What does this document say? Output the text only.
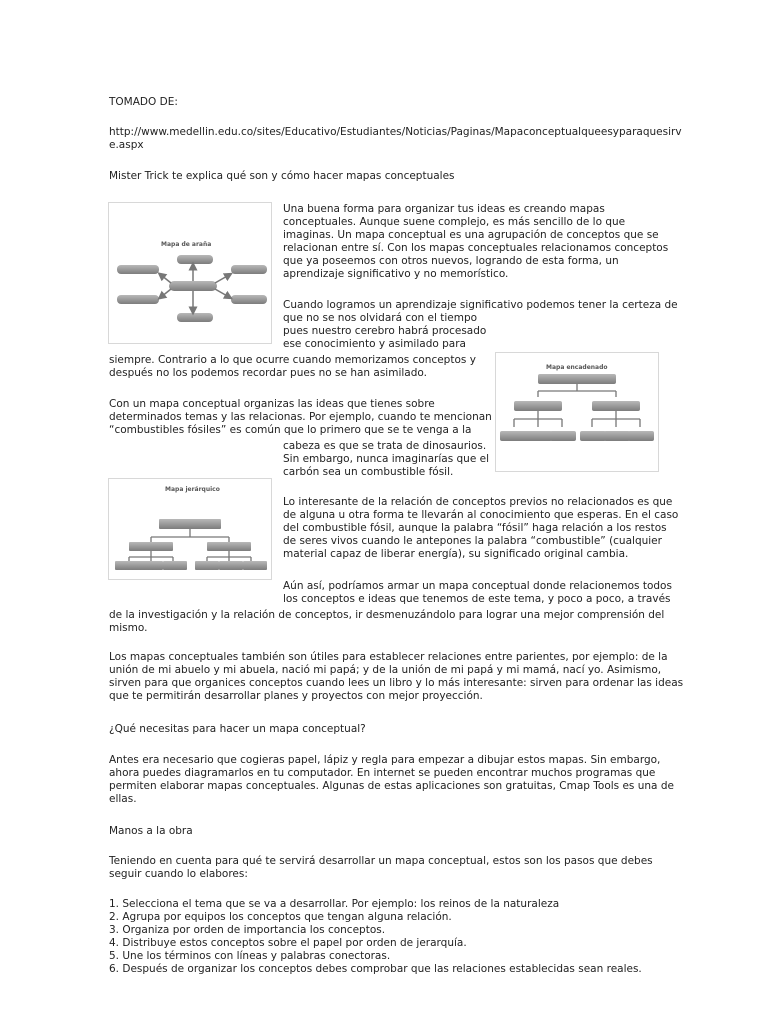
TOMADO DE:

http://www.medellin.edu.co/sites/Educativo/Estudiantes/Noticias/Paginas/Mapaconceptualqueesyparaquesirv

e.aspx

Mister Trick te explica qué son y cómo hacer mapas conceptuales

Mapa de araña

Una buena forma para organizar tus ideas es creando mapas

conceptuales. Aunque suene complejo, es más sencillo de lo que

imaginas. Un mapa conceptual es una agrupación de conceptos que se

relacionan entre sí. Con los mapas conceptuales relacionamos conceptos

que ya poseemos con otros nuevos, logrando de esta forma, un

aprendizaje significativo y no memorístico.

Cuando logramos un aprendizaje significativo podemos tener la certeza de

que no se nos olvidará con el tiempo

pues nuestro cerebro habrá procesado

ese conocimiento y asimilado para

siempre. Contrario a lo que ocurre cuando memorizamos conceptos y

después no los podemos recordar pues no se han asimilado.	Mapa encadenado

Con un mapa conceptual organizas las ideas que tienes sobre

determinados temas y las relacionas. Por ejemplo, cuando te mencionan

“combustibles fósiles” es común que lo primero que se te venga a la

cabeza es que se trata de dinosaurios.

Sin embargo, nunca imaginarías que el

carbón sea un combustible fósil.

Mapa jerárquico

Lo interesante de la relación de conceptos previos no relacionados es que

de alguna u otra forma te llevarán al conocimiento que esperas. En el caso

del combustible fósil, aunque la palabra “fósil” haga relación a los restos

de seres vivos cuando le antepones la palabra “combustible” (cualquier

material capaz de liberar energía), su significado original cambia.

Aún así, podríamos armar un mapa conceptual donde relacionemos todos

los conceptos e ideas que tenemos de este tema, y poco a poco, a través

de la investigación y la relación de conceptos, ir desmenuzándolo para lograr una mejor comprensión del

mismo.

Los mapas conceptuales también son útiles para establecer relaciones entre parientes, por ejemplo: de la

unión de mi abuelo y mi abuela, nació mi papá; y de la unión de mi papá y mi mamá, nací yo. Asimismo,

sirven para que organices conceptos cuando lees un libro y lo más interesante: sirven para ordenar las ideas

que te permitirán desarrollar planes y proyectos con mejor proyección.

¿Qué necesitas para hacer un mapa conceptual?

Antes era necesario que cogieras papel, lápiz y regla para empezar a dibujar estos mapas. Sin embargo,

ahora puedes diagramarlos en tu computador. En internet se pueden encontrar muchos programas que

permiten elaborar mapas conceptuales. Algunas de estas aplicaciones son gratuitas, Cmap Tools es una de

ellas.

Manos a la obra

Teniendo en cuenta para qué te servirá desarrollar un mapa conceptual, estos son los pasos que debes

seguir cuando lo elabores:

1. Selecciona el tema que se va a desarrollar. Por ejemplo: los reinos de la naturaleza

2. Agrupa por equipos los conceptos que tengan alguna relación.

3. Organiza por orden de importancia los conceptos.

4. Distribuye estos conceptos sobre el papel por orden de jerarquía.

5. Une los términos con líneas y palabras conectoras.

6. Después de organizar los conceptos debes comprobar que las relaciones establecidas sean reales.
